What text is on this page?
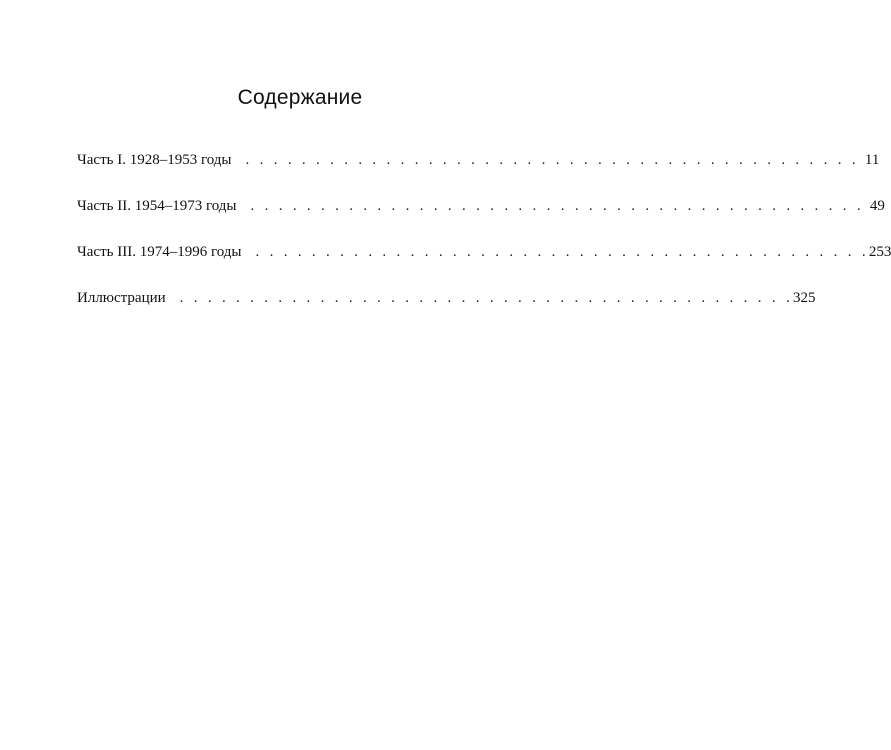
Содержание
Часть I. 1928–1953 годы . . . . . . . . . . . . . . . . . . . . . . . . . . . . . . . . . . . . . . . . . . . . 11
Часть II. 1954–1973 годы . . . . . . . . . . . . . . . . . . . . . . . . . . . . . . . . . . . . . . . . . . . . 49
Часть III. 1974–1996 годы . . . . . . . . . . . . . . . . . . . . . . . . . . . . . . . . . . . . . . . . . . . . 253
Иллюстрации . . . . . . . . . . . . . . . . . . . . . . . . . . . . . . . . . . . . . . . . . . . . 325
